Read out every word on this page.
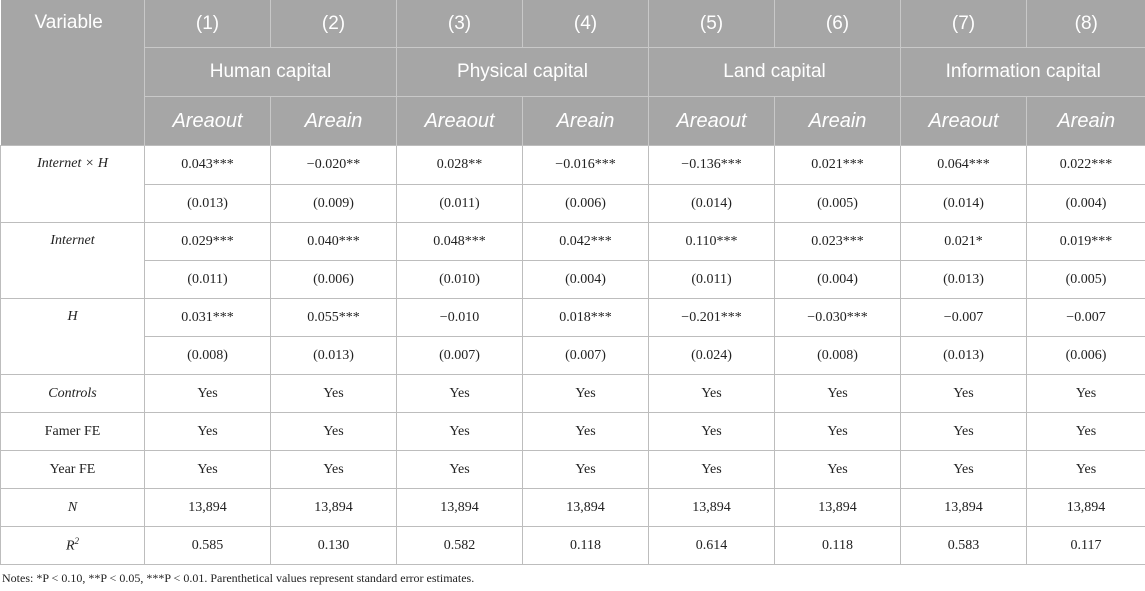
Variable	(1)	(2)	(3)	(4)	(5)	(6)	(7)	(8)
	Human capital		Physical capital		Land capital		Information capital	
	Areaout	Areain	Areaout	Areain	Areaout	Areain	Areaout	Areain
Internet × H	0.043***	−0.020**	0.028**	−0.016***	−0.136***	0.021***	0.064***	0.022***
	(0.013)	(0.009)	(0.011)	(0.006)	(0.014)	(0.005)	(0.014)	(0.004)
Internet	0.029***	0.040***	0.048***	0.042***	0.110***	0.023***	0.021*	0.019***
	(0.011)	(0.006)	(0.010)	(0.004)	(0.011)	(0.004)	(0.013)	(0.005)
H	0.031***	0.055***	−0.010	0.018***	−0.201***	−0.030***	−0.007	−0.007
	(0.008)	(0.013)	(0.007)	(0.007)	(0.024)	(0.008)	(0.013)	(0.006)
Controls	Yes	Yes	Yes	Yes	Yes	Yes	Yes	Yes
Famer FE	Yes	Yes	Yes	Yes	Yes	Yes	Yes	Yes
Year FE	Yes	Yes	Yes	Yes	Yes	Yes	Yes	Yes
N	13,894	13,894	13,894	13,894	13,894	13,894	13,894	13,894
$R^2$	0.585	0.130	0.582	0.118	0.614	0.118	0.583	0.117
Notes: *P < 0.10, **P < 0.05, ***P < 0.01. Parenthetical values represent standard error estimates.
